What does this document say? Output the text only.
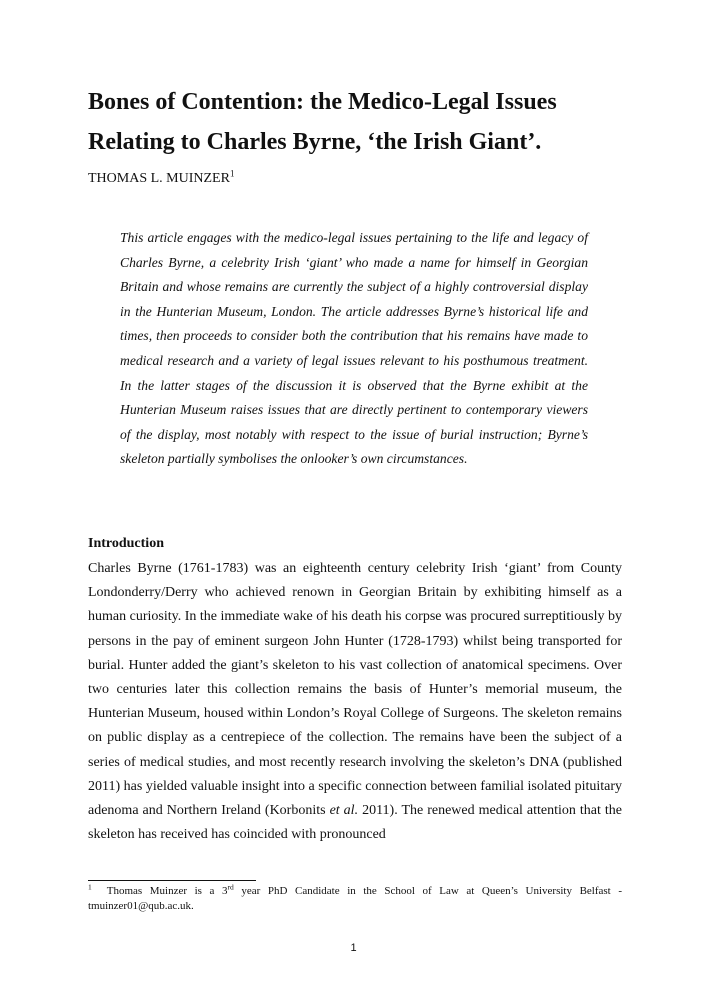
Bones of Contention: the Medico-Legal Issues
Relating to Charles Byrne, ‘the Irish Giant’.

THOMAS L. MUINZER$^1$

This article engages with the medico-legal issues pertaining to the life and legacy of Charles Byrne, a celebrity Irish ‘giant’ who made a name for himself in Georgian Britain and whose remains are currently the subject of a highly controversial display in the Hunterian Museum, London. The article addresses Byrne’s historical life and times, then proceeds to consider both the contribution that his remains have made to medical research and a variety of legal issues relevant to his posthumous treatment. In the latter stages of the discussion it is observed that the Byrne exhibit at the Hunterian Museum raises issues that are directly pertinent to contemporary viewers of the display, most notably with respect to the issue of burial instruction; Byrne’s skeleton partially symbolises the onlooker’s own circumstances.

Introduction

Charles Byrne (1761-1783) was an eighteenth century celebrity Irish ‘giant’ from County Londonderry/Derry who achieved renown in Georgian Britain by exhibiting himself as a human curiosity. In the immediate wake of his death his corpse was procured surreptitiously by persons in the pay of eminent surgeon John Hunter (1728-1793) whilst being transported for burial. Hunter added the giant’s skeleton to his vast collection of anatomical specimens. Over two centuries later this collection remains the basis of Hunter’s memorial museum, the Hunterian Museum, housed within London’s Royal College of Surgeons. The skeleton remains on public display as a centrepiece of the collection. The remains have been the subject of a series of medical studies, and most recently research involving the skeleton’s DNA (published 2011) has yielded valuable insight into a specific connection between familial isolated pituitary adenoma and Northern Ireland (Korbonits et al. 2011). The renewed medical attention that the skeleton has received has coincided with pronounced

$^1$ Thomas Muinzer is a 3rd year PhD Candidate in the School of Law at Queen’s University Belfast - tmuinzer01@qub.ac.uk.

1
